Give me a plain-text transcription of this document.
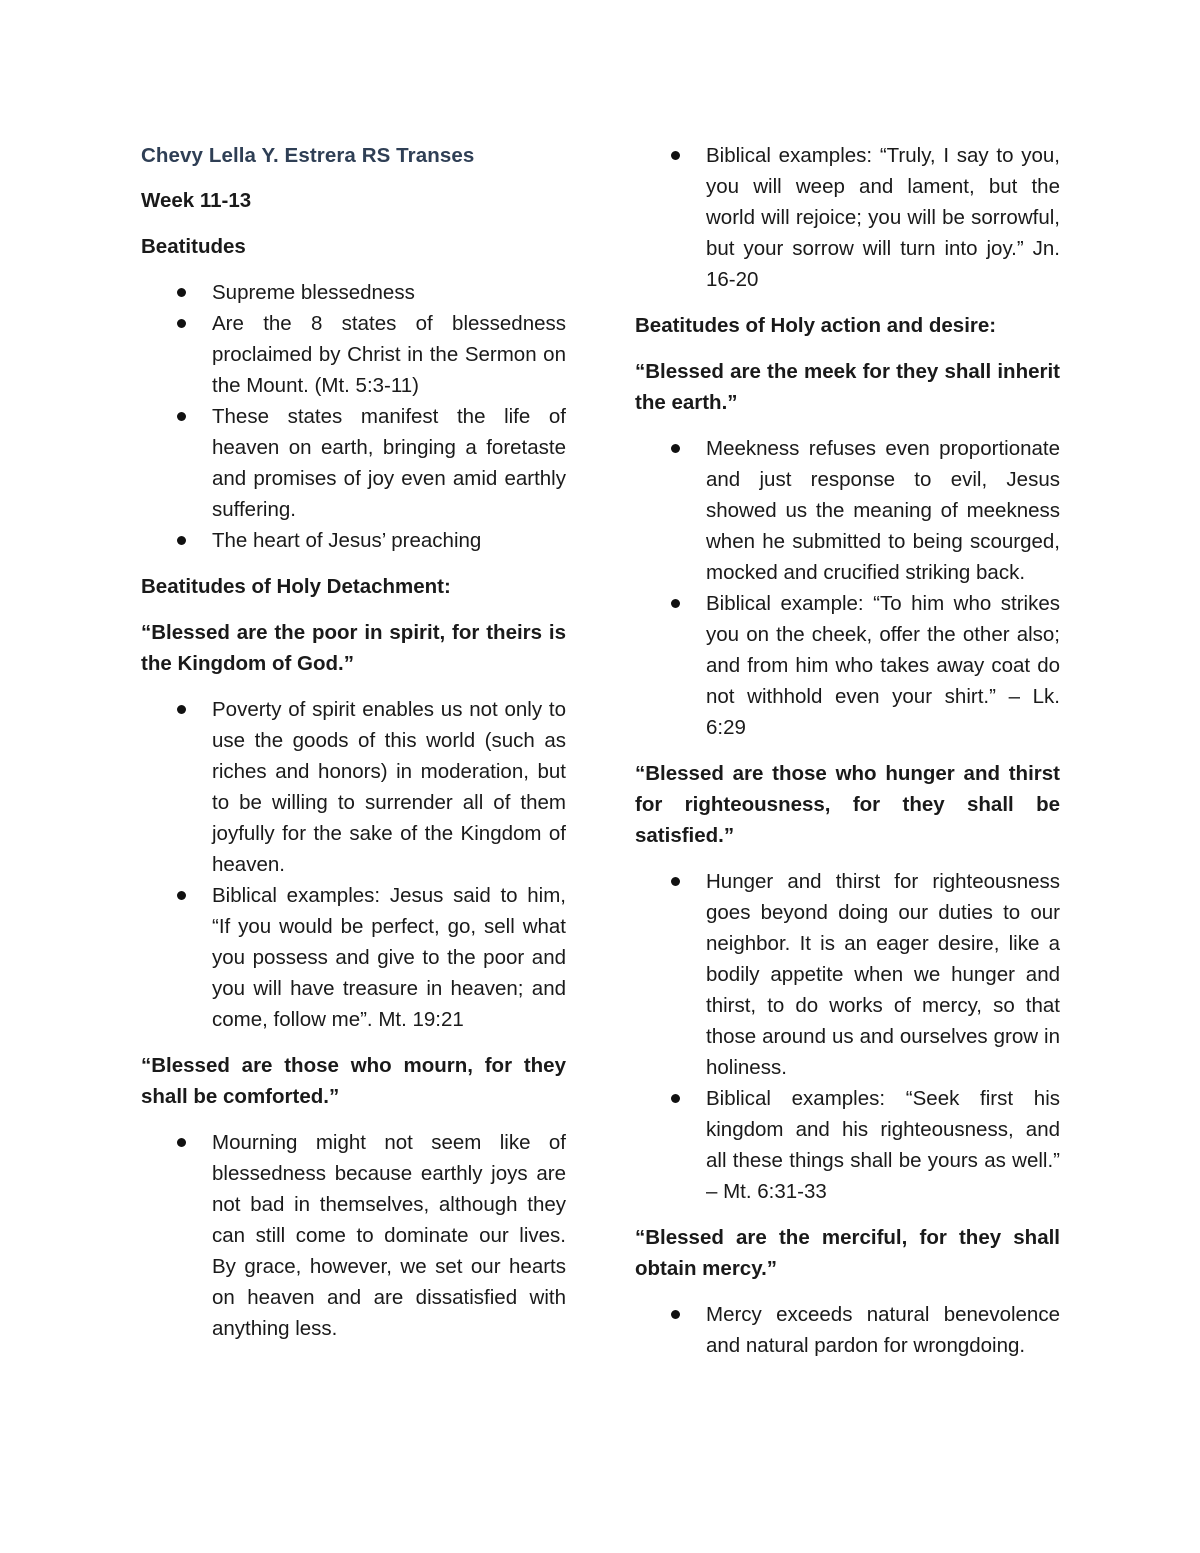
Chevy Lella Y. Estrera RS Transes
Week 11-13
Beatitudes
Supreme blessedness
Are the 8 states of blessedness proclaimed by Christ in the Sermon on the Mount. (Mt. 5:3-11)
These states manifest the life of heaven on earth, bringing a foretaste and promises of joy even amid earthly suffering.
The heart of Jesus’ preaching
Beatitudes of Holy Detachment:
“Blessed are the poor in spirit, for theirs is the Kingdom of God.”
Poverty of spirit enables us not only to use the goods of this world (such as riches and honors) in moderation, but to be willing to surrender all of them joyfully for the sake of the Kingdom of heaven.
Biblical examples: Jesus said to him, “If you would be perfect, go, sell what you possess and give to the poor and you will have treasure in heaven; and come, follow me”. Mt. 19:21
“Blessed are those who mourn, for they shall be comforted.”
Mourning might not seem like of blessedness because earthly joys are not bad in themselves, although they can still come to dominate our lives. By grace, however, we set our hearts on heaven and are dissatisfied with anything less.
Biblical examples: “Truly, I say to you, you will weep and lament, but the world will rejoice; you will be sorrowful, but your sorrow will turn into joy.” Jn. 16-20
Beatitudes of Holy action and desire:
“Blessed are the meek for they shall inherit the earth.”
Meekness refuses even proportionate and just response to evil, Jesus showed us the meaning of meekness when he submitted to being scourged, mocked and crucified striking back.
Biblical example: “To him who strikes you on the cheek, offer the other also; and from him who takes away coat do not withhold even your shirt.” – Lk. 6:29
“Blessed are those who hunger and thirst for righteousness, for they shall be satisfied.”
Hunger and thirst for righteousness goes beyond doing our duties to our neighbor. It is an eager desire, like a bodily appetite when we hunger and thirst, to do works of mercy, so that those around us and ourselves grow in holiness.
Biblical examples: “Seek first his kingdom and his righteousness, and all these things shall be yours as well.” – Mt. 6:31-33
“Blessed are the merciful, for they shall obtain mercy.”
Mercy exceeds natural benevolence and natural pardon for wrongdoing.
